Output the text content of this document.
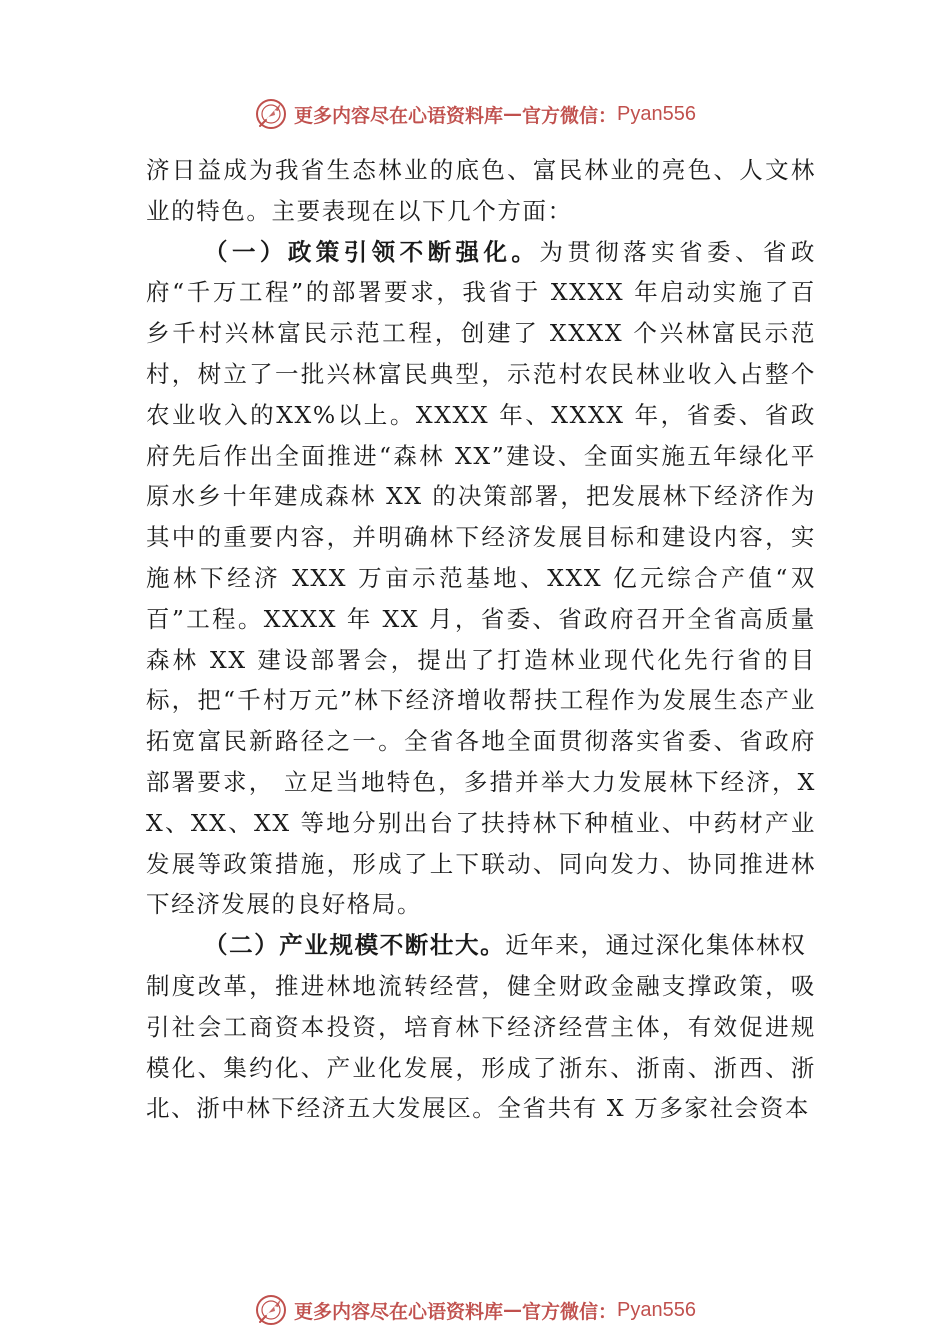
更多内容尽在心语资料库 — 官方微信： Pyan556

济日益成为我省生态林业的底色、富民林业的亮色、人文林业的特色。主要表现在以下几个方面：

（一）政策引领不断强化。为贯彻落实省委、省政府“千万工程”的部署要求，我省于 XXXX 年启动实施了百乡千村兴林富民示范工程，创建了 XXXX 个兴林富民示范村，树立了一批兴林富民典型，示范村农民林业收入占整个农业收入的XX%以上。XXXX 年、XXXX 年，省委、省政府先后作出全面推进“森林 XX”建设、全面实施五年绿化平原水乡十年建成森林 XX 的决策部署，把发展林下经济作为其中的重要内容，并明确林下经济发展目标和建设内容，实施林下经济 XXX 万亩示范基地、XXX 亿元综合产值“双百”工程。XXXX 年 XX 月，省委、省政府召开全省高质量森林 XX 建设部署会，提出了打造林业现代化先行省的目标，把“千村万元”林下经济增收帮扶工程作为发展生态产业拓宽富民新路径之一。全省各地全面贯彻落实省委、省政府部署要求， 立足当地特色，多措并举大力发展林下经济，XX、XX、XX 等地分别出台了扶持林下种植业、中药材产业发展等政策措施，形成了上下联动、同向发力、协同推进林下经济发展的良好格局。

（二）产业规模不断壮大。近年来，通过深化集体林权

制度改革，推进林地流转经营，健全财政金融支撑政策，吸 引社会工商资本投资，培育林下经济经营主体，有效促进规模化、集约化、产业化发展，形成了浙东、浙南、浙西、浙 北、浙中林下经济五大发展区。全省共有 X 万多家社会资本

更多内容尽在心语资料库 — 官方微信： Pyan556
